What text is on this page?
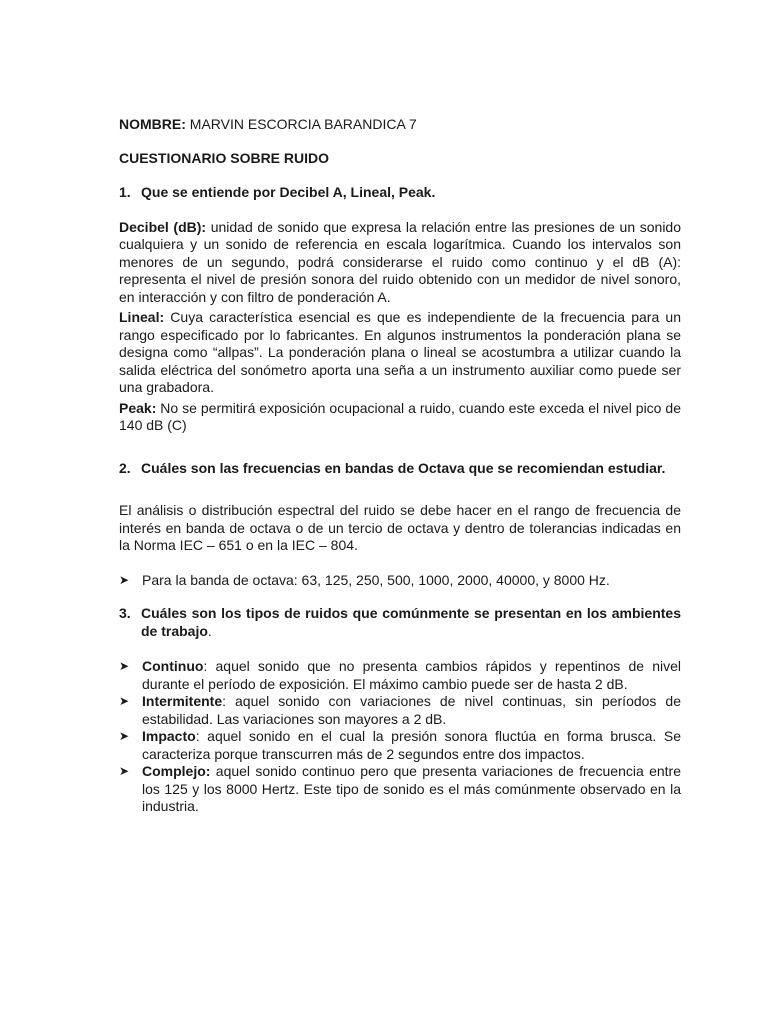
NOMBRE: MARVIN ESCORCIA BARANDICA 7

CUESTIONARIO SOBRE RUIDO

1. Que se entiende por Decibel A, Lineal, Peak.

Decibel (dB): unidad de sonido que expresa la relación entre las presiones de un sonido cualquiera y un sonido de referencia en escala logarítmica. Cuando los intervalos son menores de un segundo, podrá considerarse el ruido como continuo y el dB (A): representa el nivel de presión sonora del ruido obtenido con un medidor de nivel sonoro, en interacción y con filtro de ponderación A.

Lineal: Cuya característica esencial es que es independiente de la frecuencia para un rango especificado por lo fabricantes. En algunos instrumentos la ponderación plana se designa como “allpas”. La ponderación plana o lineal se acostumbra a utilizar cuando la salida eléctrica del sonómetro aporta una seña a un instrumento auxiliar como puede ser una grabadora.

Peak: No se permitirá exposición ocupacional a ruido, cuando este exceda el nivel pico de 140 dB (C)

2. Cuáles son las frecuencias en bandas de Octava que se recomiendan estudiar.

El análisis o distribución espectral del ruido se debe hacer en el rango de frecuencia de interés en banda de octava o de un tercio de octava y dentro de tolerancias indicadas en la Norma IEC – 651 o en la IEC – 804.

➤ Para la banda de octava: 63, 125, 250, 500, 1000, 2000, 40000, y 8000 Hz.
3. Cuáles son los tipos de ruidos que comúnmente se presentan en los ambientes de trabajo.
➤ Continuo: aquel sonido que no presenta cambios rápidos y repentinos de nivel durante el período de exposición. El máximo cambio puede ser de hasta 2 dB.
➤ Intermitente: aquel sonido con variaciones de nivel continuas, sin períodos de estabilidad. Las variaciones son mayores a 2 dB.
➤ Impacto: aquel sonido en el cual la presión sonora fluctúa en forma brusca. Se caracteriza porque transcurren más de 2 segundos entre dos impactos.
➤ Complejo: aquel sonido continuo pero que presenta variaciones de frecuencia entre los 125 y los 8000 Hertz. Este tipo de sonido es el más comúnmente observado en la industria.
